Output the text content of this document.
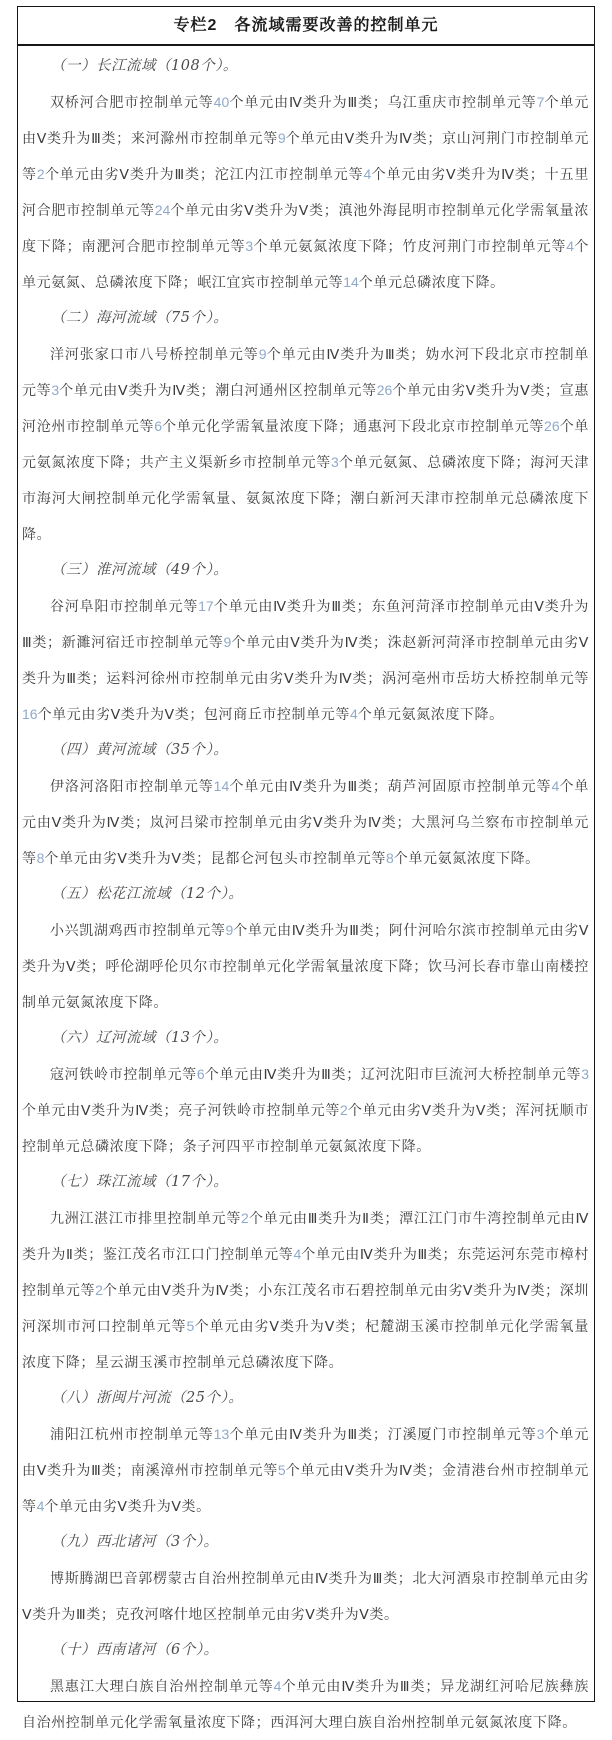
专栏2　各流域需要改善的控制单元

（一）长江流域（108个）。

双桥河合肥市控制单元等40个单元由Ⅳ类升为Ⅲ类；乌江重庆市控制单元等7个单元由Ⅴ类升为Ⅲ类；来河滁州市控制单元等9个单元由Ⅴ类升为Ⅳ类；京山河荆门市控制单元等2个单元由劣Ⅴ类升为Ⅲ类；沱江内江市控制单元等4个单元由劣Ⅴ类升为Ⅳ类；十五里河合肥市控制单元等24个单元由劣Ⅴ类升为Ⅴ类；滇池外海昆明市控制单元化学需氧量浓度下降；南淝河合肥市控制单元等3个单元氨氮浓度下降；竹皮河荆门市控制单元等4个单元氨氮、总磷浓度下降；岷江宜宾市控制单元等14个单元总磷浓度下降。

（二）海河流域（75个）。

洋河张家口市八号桥控制单元等9个单元由Ⅳ类升为Ⅲ类；妫水河下段北京市控制单元等3个单元由Ⅴ类升为Ⅳ类；潮白河通州区控制单元等26个单元由劣Ⅴ类升为Ⅴ类；宣惠河沧州市控制单元等6个单元化学需氧量浓度下降；通惠河下段北京市控制单元等26个单元氨氮浓度下降；共产主义渠新乡市控制单元等3个单元氨氮、总磷浓度下降；海河天津市海河大闸控制单元化学需氧量、氨氮浓度下降；潮白新河天津市控制单元总磷浓度下降。

（三）淮河流域（49个）。

谷河阜阳市控制单元等17个单元由Ⅳ类升为Ⅲ类；东鱼河菏泽市控制单元由Ⅴ类升为Ⅲ类；新濉河宿迁市控制单元等9个单元由Ⅴ类升为Ⅳ类；洙赵新河菏泽市控制单元由劣Ⅴ类升为Ⅲ类；运料河徐州市控制单元由劣Ⅴ类升为Ⅳ类；涡河亳州市岳坊大桥控制单元等16个单元由劣Ⅴ类升为Ⅴ类；包河商丘市控制单元等4个单元氨氮浓度下降。

（四）黄河流域（35个）。

伊洛河洛阳市控制单元等14个单元由Ⅳ类升为Ⅲ类；葫芦河固原市控制单元等4个单元由Ⅴ类升为Ⅳ类；岚河吕梁市控制单元由劣Ⅴ类升为Ⅳ类；大黑河乌兰察布市控制单元等8个单元由劣Ⅴ类升为Ⅴ类；昆都仑河包头市控制单元等8个单元氨氮浓度下降。

（五）松花江流域（12个）。

小兴凯湖鸡西市控制单元等9个单元由Ⅳ类升为Ⅲ类；阿什河哈尔滨市控制单元由劣Ⅴ类升为Ⅴ类；呼伦湖呼伦贝尔市控制单元化学需氧量浓度下降；饮马河长春市靠山南楼控制单元氨氮浓度下降。

（六）辽河流域（13个）。

寇河铁岭市控制单元等6个单元由Ⅳ类升为Ⅲ类；辽河沈阳市巨流河大桥控制单元等3个单元由Ⅴ类升为Ⅳ类；亮子河铁岭市控制单元等2个单元由劣Ⅴ类升为Ⅴ类；浑河抚顺市控制单元总磷浓度下降；条子河四平市控制单元氨氮浓度下降。

（七）珠江流域（17个）。

九洲江湛江市排里控制单元等2个单元由Ⅲ类升为Ⅱ类；潭江江门市牛湾控制单元由Ⅳ类升为Ⅱ类；鉴江茂名市江口门控制单元等4个单元由Ⅳ类升为Ⅲ类；东莞运河东莞市樟村控制单元等2个单元由Ⅴ类升为Ⅳ类；小东江茂名市石碧控制单元由劣Ⅴ类升为Ⅳ类；深圳河深圳市河口控制单元等5个单元由劣Ⅴ类升为Ⅴ类；杞麓湖玉溪市控制单元化学需氧量浓度下降；星云湖玉溪市控制单元总磷浓度下降。

（八）浙闽片河流（25个）。

浦阳江杭州市控制单元等13个单元由Ⅳ类升为Ⅲ类；汀溪厦门市控制单元等3个单元由Ⅴ类升为Ⅲ类；南溪漳州市控制单元等5个单元由Ⅴ类升为Ⅳ类；金清港台州市控制单元等4个单元由劣Ⅴ类升为Ⅴ类。

（九）西北诸河（3个）。

博斯腾湖巴音郭楞蒙古自治州控制单元由Ⅳ类升为Ⅲ类；北大河酒泉市控制单元由劣Ⅴ类升为Ⅲ类；克孜河喀什地区控制单元由劣Ⅴ类升为Ⅴ类。

（十）西南诸河（6个）。

黑惠江大理白族自治州控制单元等4个单元由Ⅳ类升为Ⅲ类；异龙湖红河哈尼族彝族自治州控制单元化学需氧量浓度下降；西洱河大理白族自治州控制单元氨氮浓度下降。
